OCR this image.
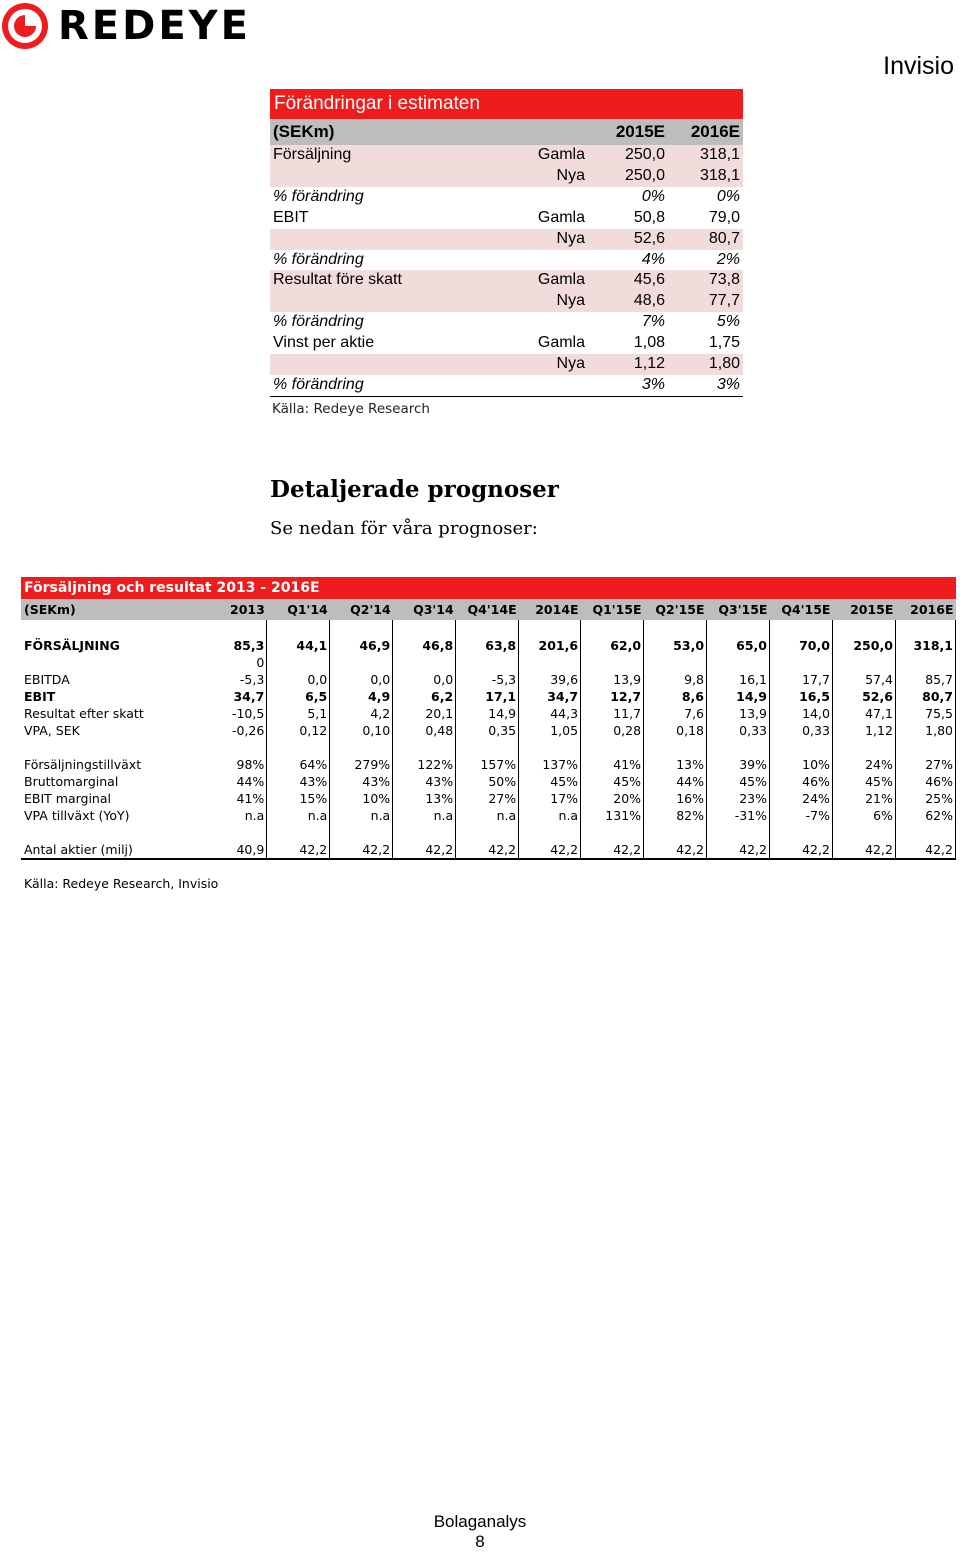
REDEYE
Invisio
Förändringar i estimaten			
(SEKm)		2015E	2016E
Försäljning	Gamla	250,0	318,1
	Nya	250,0	318,1
% förändring		0%	0%
EBIT	Gamla	50,8	79,0
	Nya	52,6	80,7
% förändring		4%	2%
Resultat före skatt	Gamla	45,6	73,8
	Nya	48,6	77,7
% förändring		7%	5%
Vinst per aktie	Gamla	1,08	1,75
	Nya	1,12	1,80
% förändring		3%	3%
Källa: Redeye Research
Detaljerade prognoser
Se nedan för våra prognoser:
Försäljning och resultat 2013 - 2016E												
(SEKm)	2013	Q1'14	Q2'14	Q3'14	Q4'14E	2014E	Q1'15E	Q2'15E	Q3'15E	Q4'15E	2015E	2016E

FÖRSÄLJNING	85,3	44,1	46,9	46,8	63,8	201,6	62,0	53,0	65,0	70,0	250,0	318,1
	0											
EBITDA	-5,3	0,0	0,0	0,0	-5,3	39,6	13,9	9,8	16,1	17,7	57,4	85,7
EBIT	34,7	6,5	4,9	6,2	17,1	34,7	12,7	8,6	14,9	16,5	52,6	80,7
Resultat efter skatt	-10,5	5,1	4,2	20,1	14,9	44,3	11,7	7,6	13,9	14,0	47,1	75,5
VPA, SEK	-0,26	0,12	0,10	0,48	0,35	1,05	0,28	0,18	0,33	0,33	1,12	1,80

Försäljningstillväxt	98%	64%	279%	122%	157%	137%	41%	13%	39%	10%	24%	27%
Bruttomarginal	44%	43%	43%	43%	50%	45%	45%	44%	45%	46%	45%	46%
EBIT marginal	41%	15%	10%	13%	27%	17%	20%	16%	23%	24%	21%	25%
VPA tillväxt (YoY)	n.a	n.a	n.a	n.a	n.a	n.a	131%	82%	-31%	-7%	6%	62%

Antal aktier (milj)	40,9	42,2	42,2	42,2	42,2	42,2	42,2	42,2	42,2	42,2	42,2	42,2
Källa: Redeye Research, Invisio
Bolaganalys
8
